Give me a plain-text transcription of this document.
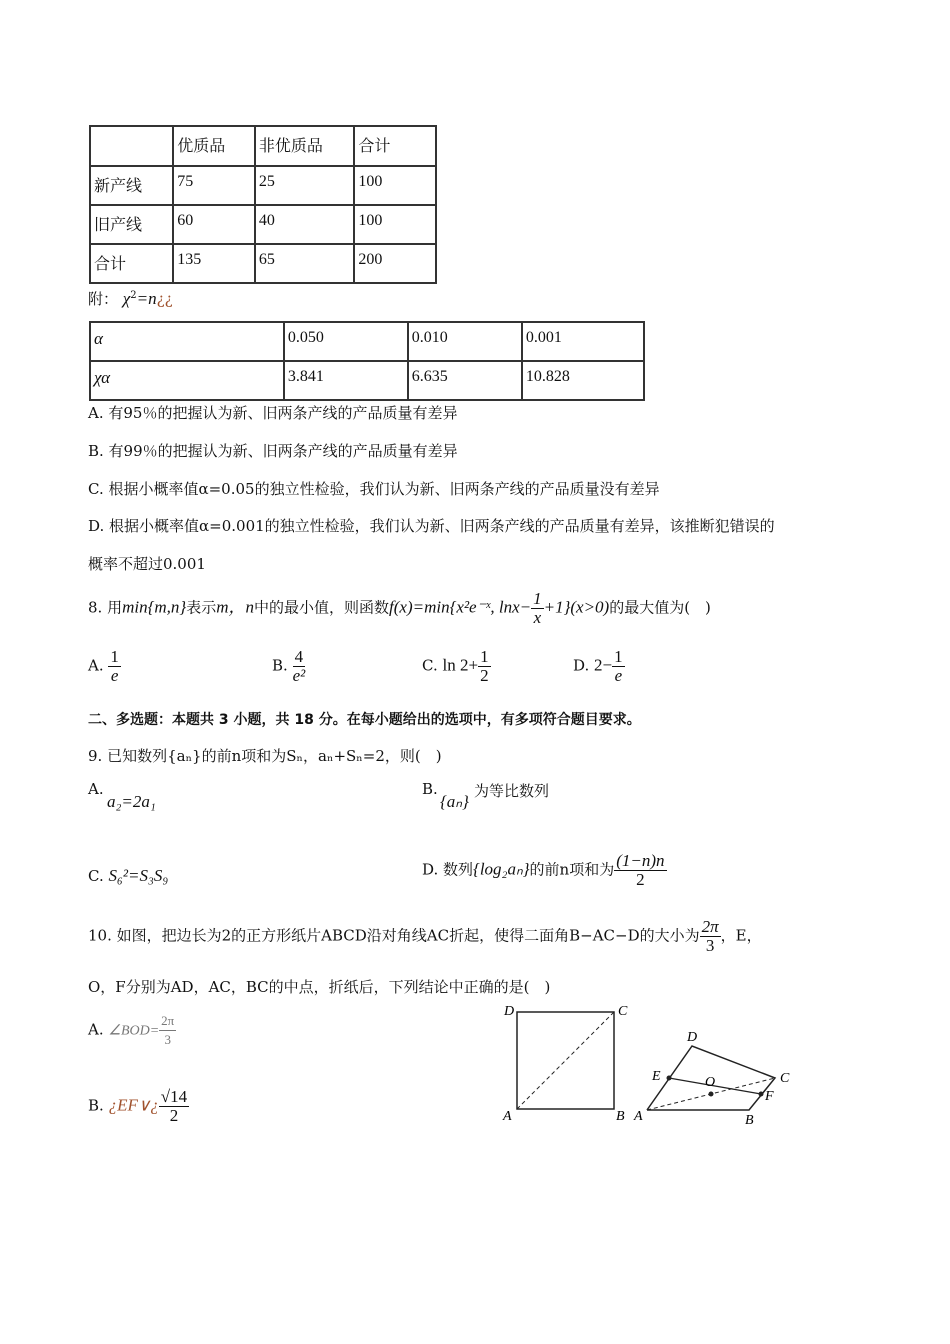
	优质品	非优质品	合计
新产线	75	25	100
旧产线	60	40	100
合计	135	65	200
附： $\chi^2=n¿¿$
α	0.050	0.010	0.001
χα	3.841	6.635	10.828
A. 有95％的把握认为新、旧两条产线的产品质量有差异
B. 有99％的把握认为新、旧两条产线的产品质量有差异
C. 根据小概率值α=0.05的独立性检验，我们认为新、旧两条产线的产品质量没有差异
D. 根据小概率值α=0.001的独立性检验，我们认为新、旧两条产线的产品质量有差异，该推断犯错误的
概率不超过0.001
8. 用min{m,n}表示m，n中的最小值，则函数f(x)=min{x²e⁻ˣ, $\ln x- \frac{1}{x} +1\}(x>0)$的最大值为(　)
A. $\frac{1}{e}$	B. $\frac{4}{\text{e²}}$	C. $\ln 2+ \frac{1}{2}$	D. $2- \frac{1}{e}$
二、多选题：本题共 3 小题，共 18 分。在每小题给出的选项中，有多项符合题目要求。
9. 已知数列{aₙ}的前n项和为Sₙ，aₙ+Sₙ=2，则(　)
A.
a₂=2a₁
B.
{aₙ}
为等比数列
C. S₆²=S₃S₉	D. 数列{log₂aₙ}的前n项和为 $\frac{(1-n)n}{2}$
10. 如图，把边长为2的正方形纸片ABCD沿对角线AC折起，使得二面角B−AC−D的大小为 $\frac{2\pi}{3}$ ，E，
O，F分别为AD，AC，BC的中点，折纸后，下列结论中正确的是(　)
A. ∠BOD= $\frac{2\pi}{3}$
B. ¿EF∨¿ $\frac{√14}{2}$
D	C
A	B
D
E	O	C
F
A	B
